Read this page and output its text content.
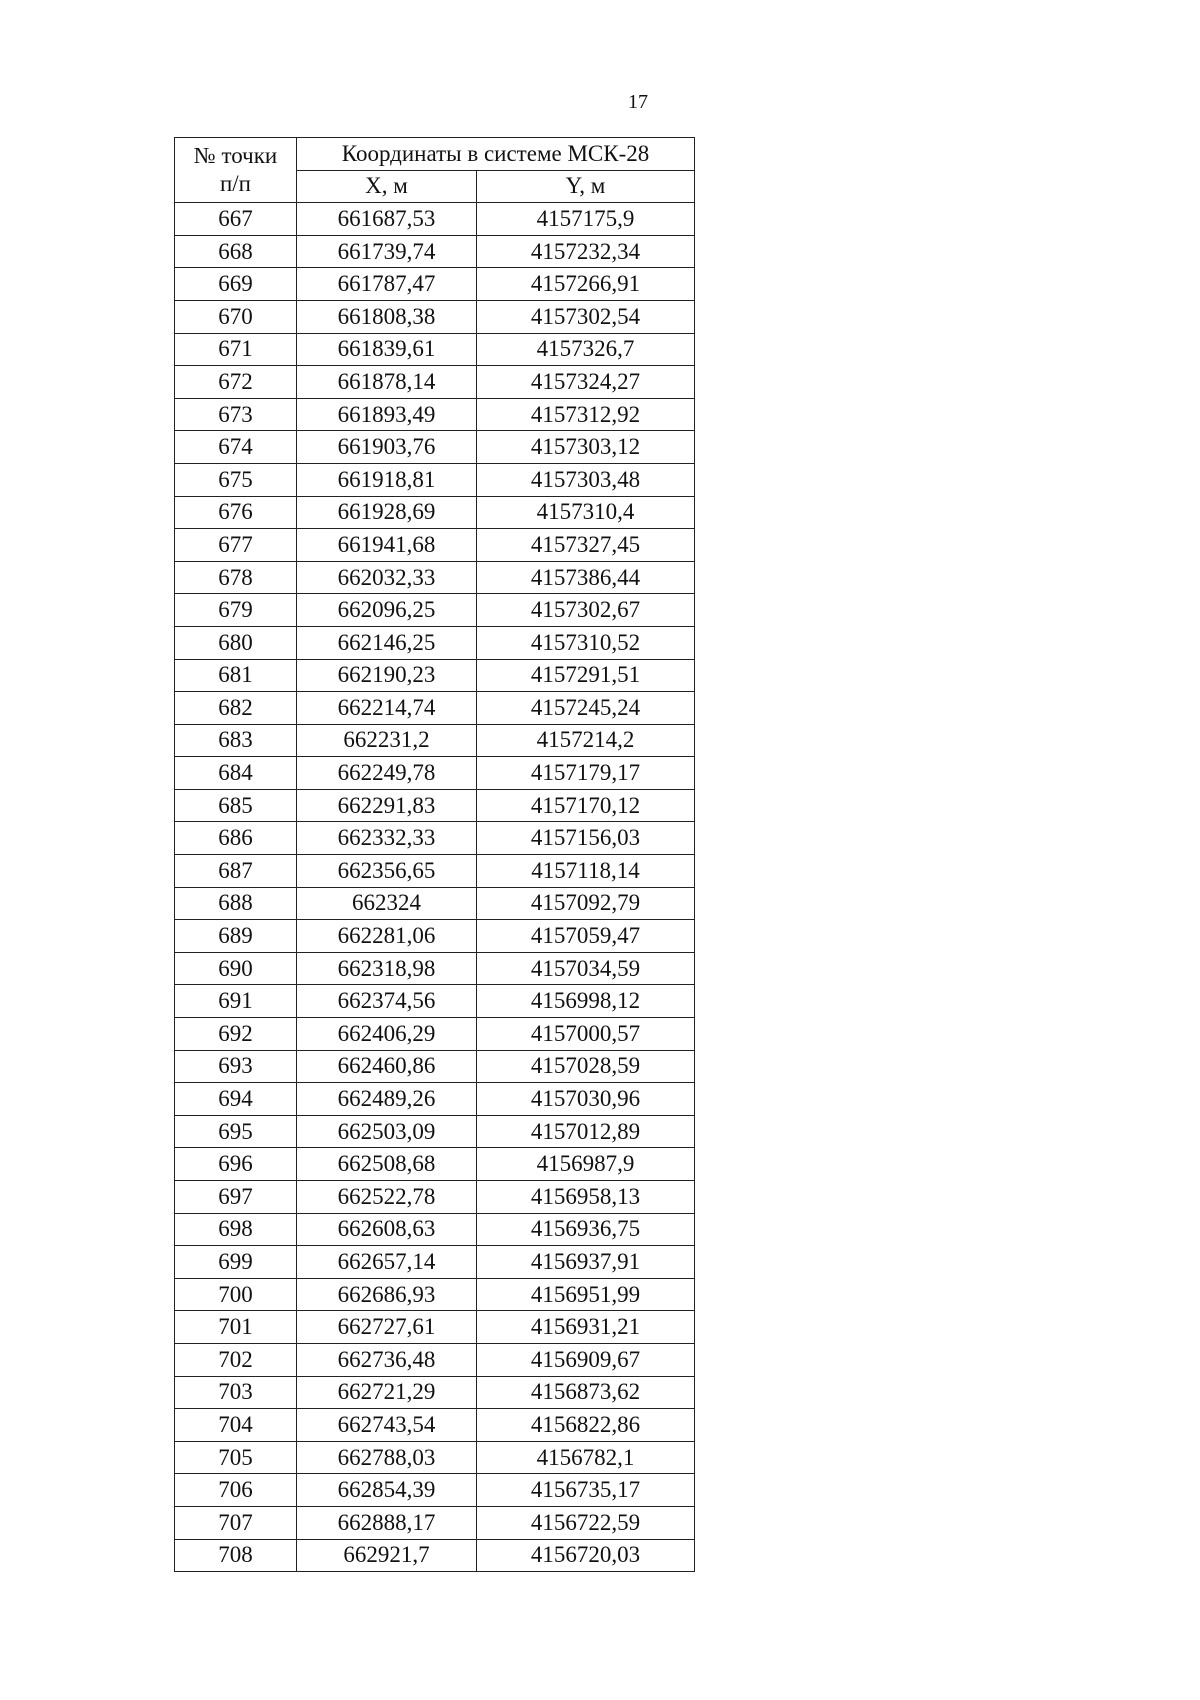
17
№ точки
п/п	Координаты в системе МСК-28	
	X, м	Y, м
667	661687,53	4157175,9
668	661739,74	4157232,34
669	661787,47	4157266,91
670	661808,38	4157302,54
671	661839,61	4157326,7
672	661878,14	4157324,27
673	661893,49	4157312,92
674	661903,76	4157303,12
675	661918,81	4157303,48
676	661928,69	4157310,4
677	661941,68	4157327,45
678	662032,33	4157386,44
679	662096,25	4157302,67
680	662146,25	4157310,52
681	662190,23	4157291,51
682	662214,74	4157245,24
683	662231,2	4157214,2
684	662249,78	4157179,17
685	662291,83	4157170,12
686	662332,33	4157156,03
687	662356,65	4157118,14
688	662324	4157092,79
689	662281,06	4157059,47
690	662318,98	4157034,59
691	662374,56	4156998,12
692	662406,29	4157000,57
693	662460,86	4157028,59
694	662489,26	4157030,96
695	662503,09	4157012,89
696	662508,68	4156987,9
697	662522,78	4156958,13
698	662608,63	4156936,75
699	662657,14	4156937,91
700	662686,93	4156951,99
701	662727,61	4156931,21
702	662736,48	4156909,67
703	662721,29	4156873,62
704	662743,54	4156822,86
705	662788,03	4156782,1
706	662854,39	4156735,17
707	662888,17	4156722,59
708	662921,7	4156720,03
